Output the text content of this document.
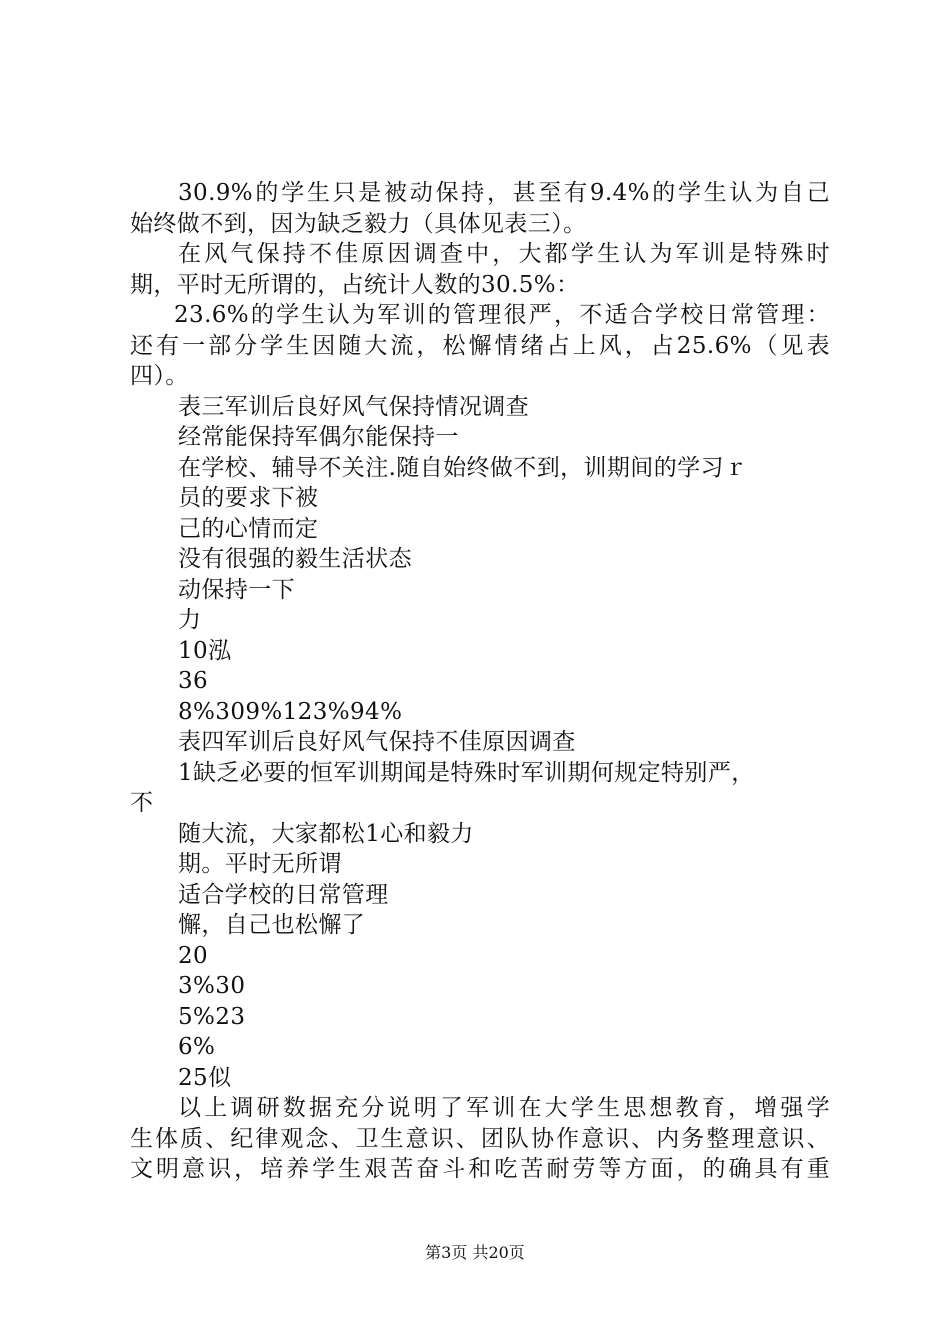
30.9%的学生只是被动保持，甚至有9.4%的学生认为自己
始终做不到，因为缺乏毅力（具体见表三）。
在风气保持不佳原因调查中，大都学生认为军训是特殊时
期，平时无所谓的，占统计人数的30.5%：
23.6%的学生认为军训的管理很严，不适合学校日常管理：
还有一部分学生因随大流，松懈情绪占上风，占25.6%（见表
四）。
表三军训后良好风气保持情况调查
经常能保持军偶尔能保持一
在学校、辅导不关注.随自始终做不到，训期间的学习ｒ
员的要求下被
己的心情而定
没有很强的毅生活状态
动保持一下
力
10泓
36
8%309%123%94%
表四军训后良好风气保持不佳原因调查
1缺乏必要的恒军训期闻是特殊时军训期何规定特别严，
不
随大流，大家都松1心和毅力
期。平时无所谓
适合学校的日常管理
懈，自己也松懈了
20
3%30
5%23
6%
25似
以上调研数据充分说明了军训在大学生思想教育，增强学
生体质、纪律观念、卫生意识、团队协作意识、内务整理意识、
文明意识，培养学生艰苦奋斗和吃苦耐劳等方面，的确具有重
第3页 共20页
